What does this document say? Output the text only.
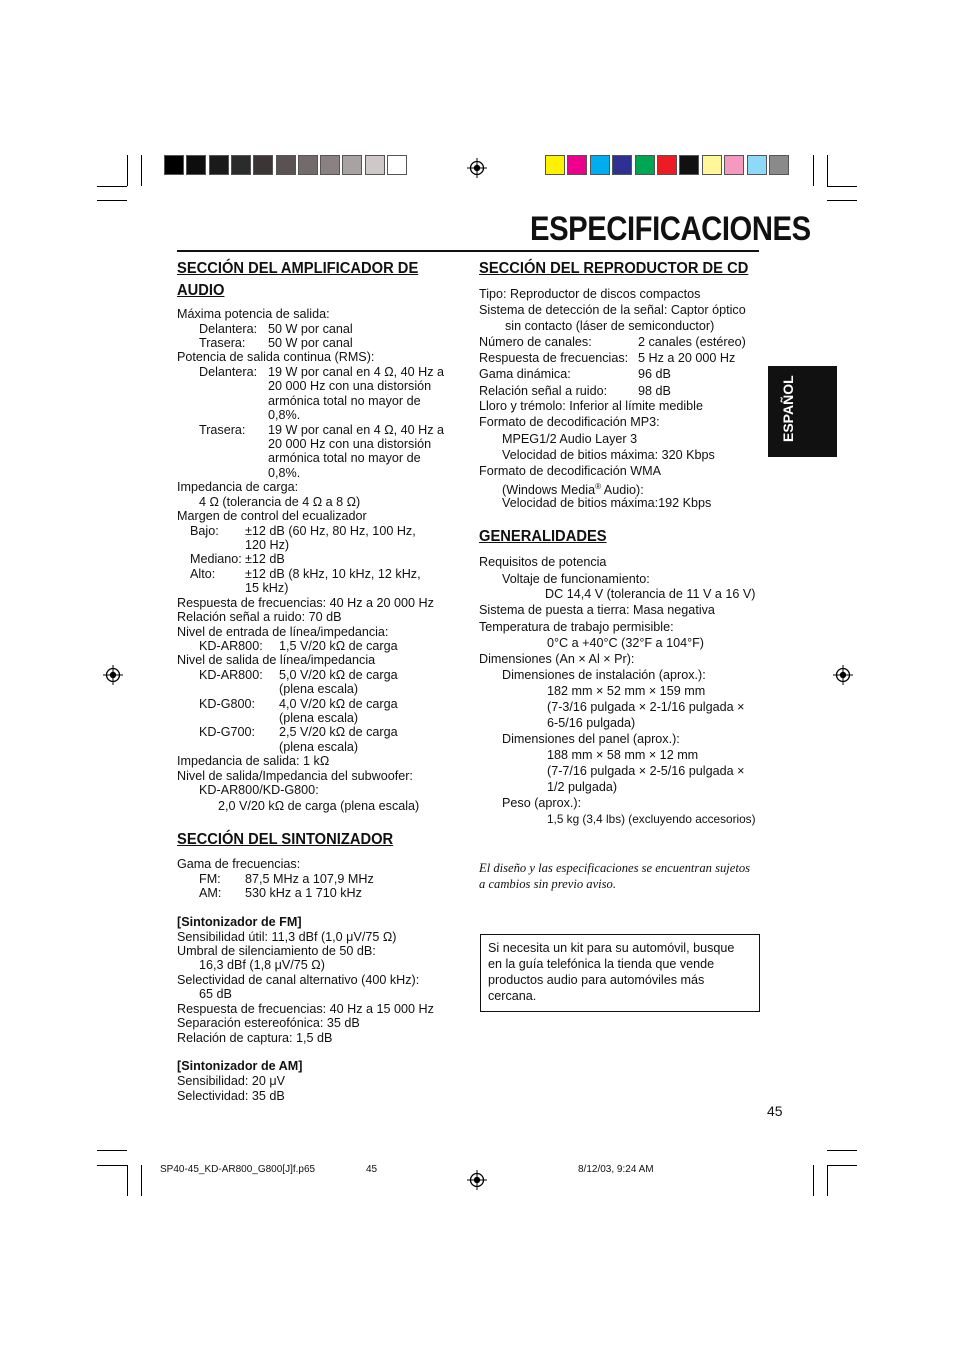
ESPECIFICACIONES
ESPAÑOL
SECCIÓN DEL AMPLIFICADOR DE
AUDIO
Máxima potencia de salida:
Delantera: 50 W por canal
Trasera: 50 W por canal
Potencia de salida continua (RMS):
Delantera: 19 W por canal en 4 Ω, 40 Hz a
20 000 Hz con una distorsión
armónica total no mayor de
0,8%.
Trasera: 19 W por canal en 4 Ω, 40 Hz a
20 000 Hz con una distorsión
armónica total no mayor de
0,8%.
Impedancia de carga:
4 Ω (tolerancia de 4 Ω a 8 Ω)
Margen de control del ecualizador
Bajo: ±12 dB (60 Hz, 80 Hz, 100 Hz,
120 Hz)
Mediano: ±12 dB
Alto: ±12 dB (8 kHz, 10 kHz, 12 kHz,
15 kHz)
Respuesta de frecuencias: 40 Hz a 20 000 Hz
Relación señal a ruido: 70 dB
Nivel de entrada de línea/impedancia:
KD-AR800: 1,5 V/20 kΩ de carga
Nivel de salida de línea/impedancia
KD-AR800: 5,0 V/20 kΩ de carga
(plena escala)
KD-G800: 4,0 V/20 kΩ de carga
(plena escala)
KD-G700: 2,5 V/20 kΩ de carga
(plena escala)
Impedancia de salida: 1 kΩ
Nivel de salida/Impedancia del subwoofer:
KD-AR800/KD-G800:
2,0 V/20 kΩ de carga (plena escala)
SECCIÓN DEL SINTONIZADOR
Gama de frecuencias:
FM: 87,5 MHz a 107,9 MHz
AM: 530 kHz a 1 710 kHz
[Sintonizador de FM]
Sensibilidad útil: 11,3 dBf (1,0 μV/75 Ω)
Umbral de silenciamiento de 50 dB:
16,3 dBf (1,8 μV/75 Ω)
Selectividad de canal alternativo (400 kHz):
65 dB
Respuesta de frecuencias: 40 Hz a 15 000 Hz
Separación estereofónica: 35 dB
Relación de captura: 1,5 dB
[Sintonizador de AM]
Sensibilidad: 20 μV
Selectividad: 35 dB
SECCIÓN DEL REPRODUCTOR DE CD
Tipo: Reproductor de discos compactos
Sistema de detección de la señal: Captor óptico
sin contacto (láser de semiconductor)
Número de canales:	2 canales (estéreo)
Respuesta de frecuencias: 5 Hz a 20 000 Hz
Gama dinámica:	96 dB
Relación señal a ruido: 98 dB
Lloro y trémolo: Inferior al límite medible
Formato de decodificación MP3:
MPEG1/2 Audio Layer 3
Velocidad de bitios máxima: 320 Kbps
Formato de decodificación WMA
(Windows Media® Audio):
Velocidad de bitios máxima:192 Kbps
GENERALIDADES
Requisitos de potencia
Voltaje de funcionamiento:
DC 14,4 V (tolerancia de 11 V a 16 V)
Sistema de puesta a tierra: Masa negativa
Temperatura de trabajo permisible:
0°C a +40°C (32°F a 104°F)
Dimensiones (An × Al × Pr):
Dimensiones de instalación (aprox.):
182 mm × 52 mm × 159 mm
(7-3/16 pulgada × 2-1/16 pulgada ×
6-5/16 pulgada)
Dimensiones del panel (aprox.):
188 mm × 58 mm × 12 mm
(7-7/16 pulgada × 2-5/16 pulgada ×
1/2 pulgada)
Peso (aprox.):
1,5 kg (3,4 lbs) (excluyendo accesorios)
El diseño y las especificaciones se encuentran sujetos
a cambios sin previo aviso.
Si necesita un kit para su automóvil, busque
en la guía telefónica la tienda que vende
productos audio para automóviles más
cercana.
45
SP40-45_KD-AR800_G800[J]f.p65	45	8/12/03, 9:24 AM
